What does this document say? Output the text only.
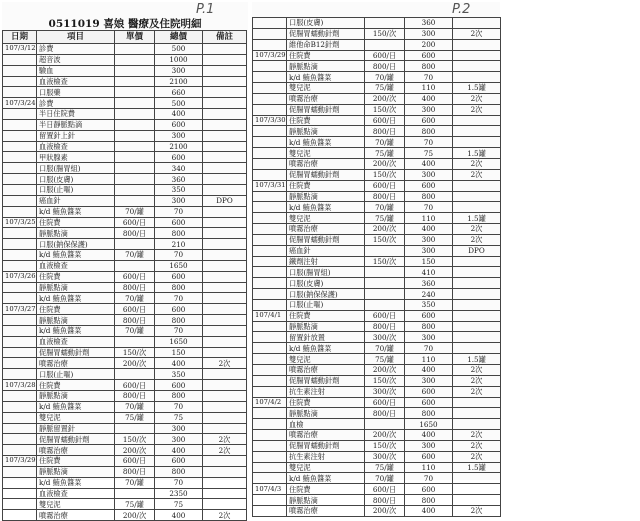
P.1
0511019 喜娘 醫療及住院明細
日期	項目	單價	總價	備註
107/3/12	診費		500	
	超音波		1000	
	驗血		300	
	血液檢查		2100	
	口服藥		660	
107/3/24	診費		500	
	半日住院費		400	
	半日靜脈點滴		600	
	留置針上針		300	
	血液檢查		2100	
	甲狀腺素		600	
	口服(腸胃組)		340	
	口服(皮膚)		360	
	口服(止嘔)		350	
	癌血針		300	DPO
	k/d 鮪魚醬菜	70/罐	70	
107/3/25	住院費	600/日	600	
	靜脈點滴	800/日	800	
	口服(鈉保保護)		210	
	k/d 鮪魚醬菜	70/罐	70	
	血液檢查		1650	
107/3/26	住院費	600/日	600	
	靜脈點滴	800/日	800	
	k/d 鮪魚醬菜	70/罐	70	
107/3/27	住院費	600/日	600	
	靜脈點滴	800/日	800	
	k/d 鮪魚醬菜	70/罐	70	
	血液檢查		1650	
	促腸胃蠕動針劑	150/次	150	
	噴霧治療	200/次	400	2次
	口服(止嘔)		350	
107/3/28	住院費	600/日	600	
	靜脈點滴	800/日	800	
	k/d 鮪魚醬菜	70/罐	70	
	雙兒泥	75/罐	75	
	靜脈留置針		300	
	促腸胃蠕動針劑	150/次	300	2次
	噴霧治療	200/次	400	2次
107/3/29	住院費	600/日	600	
	靜脈點滴	800/日	800	
	k/d 鮪魚醬菜	70/罐	70	
	血液檢查		2350	
	雙兒泥	75/罐	75	
	噴霧治療	200/次	400	2次
P.2
	口服(皮膚)		360	
	促腸胃蠕動針劑	150/次	300	2次
	維他命B12針劑		200	
107/3/29	住院費	600/日	600	
	靜脈點滴	800/日	800	
	k/d 鮪魚醬菜	70/罐	70	
	雙兒泥	75/罐	110	1.5罐
	噴霧治療	200/次	400	2次
	促腸胃蠕動針劑	150/次	300	2次
107/3/30	住院費	600/日	600	
	靜脈點滴	800/日	800	
	k/d 鮪魚醬菜	70/罐	70	
	雙兒泥	75/罐	75	1.5罐
	噴霧治療	200/次	400	2次
	促腸胃蠕動針劑	150/次	300	2次
107/3/31	住院費	600/日	600	
	靜脈點滴	800/日	800	
	k/d 鮪魚醬菜	70/罐	70	
	雙兒泥	75/罐	110	1.5罐
	噴霧治療	200/次	400	2次
	促腸胃蠕動針劑	150/次	300	2次
	癌血針		300	DPO
	鐵劑注射	150/次	150	
	口服(腸胃組)		410	
	口服(皮膚)		360	
	口服(鈉保保護)		240	
	口服(止嘔)		350	
107/4/1	住院費	600/日	600	
	靜脈點滴	800/日	800	
	留置針放置	300/次	300	
	k/d 鮪魚醬菜	70/罐	70	
	雙兒泥	75/罐	110	1.5罐
	噴霧治療	200/次	400	2次
	促腸胃蠕動針劑	150/次	300	2次
	抗生素注射	300/次	600	2次
107/4/2	住院費	600/日	600	
	靜脈點滴	800/日	800	
	血檢		1650	
	噴霧治療	200/次	400	2次
	促腸胃蠕動針劑	150/次	300	2次
	抗生素注射	300/次	600	2次
	雙兒泥	75/罐	110	1.5罐
	k/d 鮪魚醬菜	70/罐	70	
107/4/3	住院費	600/日	600	
	靜脈點滴	800/日	800	
	噴霧治療	200/次	400	2次
